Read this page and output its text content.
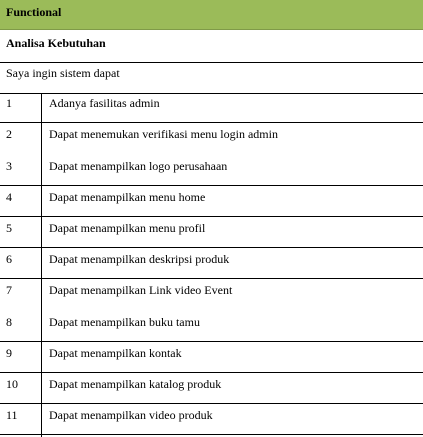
Functional
Analisa Kebutuhan
Saya ingin sistem dapat
1	Adanya fasilitas admin
2	Dapat menemukan verifikasi menu login admin
3	Dapat menampilkan logo perusahaan
4	Dapat menampilkan menu home
5	Dapat menampilkan menu profil
6	Dapat menampilkan deskripsi produk
7	Dapat menampilkan Link video Event
8	Dapat menampilkan buku tamu
9	Dapat menampilkan kontak
10	Dapat menampilkan katalog produk
11	Dapat menampilkan video produk
